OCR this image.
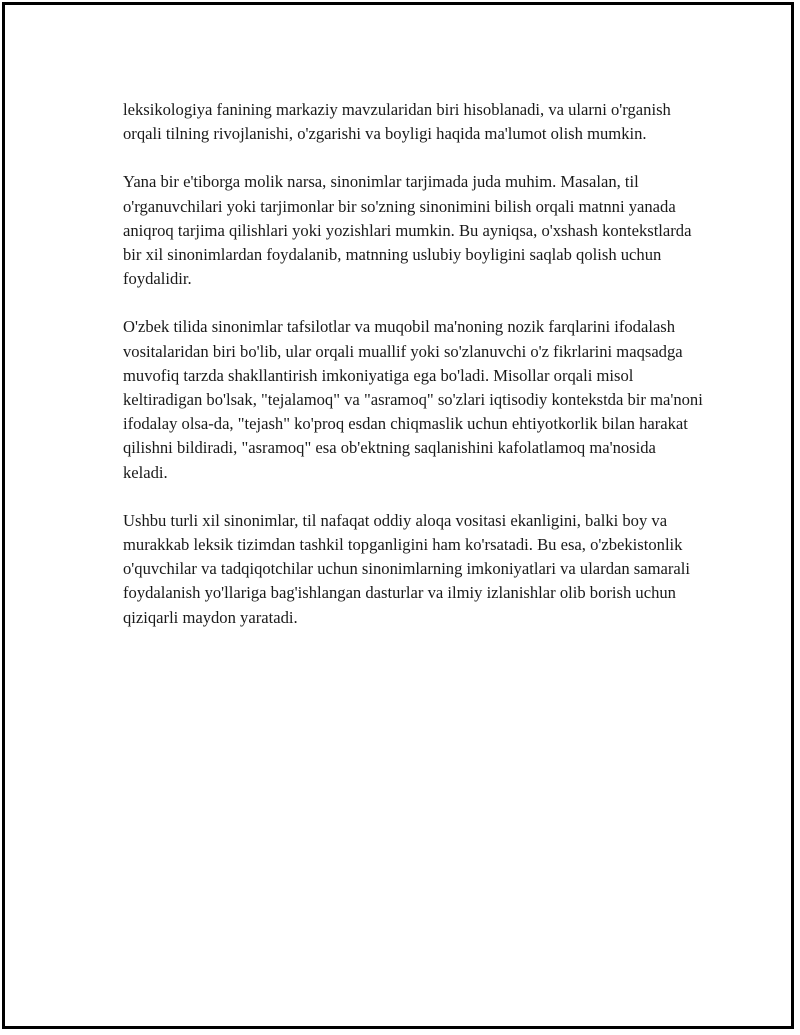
leksikologiya fanining markaziy mavzularidan biri hisoblanadi, va ularni o'rganish orqali tilning rivojlanishi, o'zgarishi va boyligi haqida ma'lumot olish mumkin.

Yana bir e'tiborga molik narsa, sinonimlar tarjimada juda muhim. Masalan, til o'rganuvchilari yoki tarjimonlar bir so'zning sinonimini bilish orqali matnni yanada aniqroq tarjima qilishlari yoki yozishlari mumkin. Bu ayniqsa, o'xshash kontekstlarda bir xil sinonimlardan foydalanib, matnning uslubiy boyligini saqlab qolish uchun foydalidir.

O'zbek tilida sinonimlar tafsilotlar va muqobil ma'noning nozik farqlarini ifodalash vositalaridan biri bo'lib, ular orqali muallif yoki so'zlanuvchi o'z fikrlarini maqsadga muvofiq tarzda shakllantirish imkoniyatiga ega bo'ladi. Misollar orqali misol keltiradigan bo'lsak, "tejalamoq" va "asramoq" so'zlari iqtisodiy kontekstda bir ma'noni ifodalay olsa-da, "tejash" ko'proq esdan chiqmaslik uchun ehtiyotkorlik bilan harakat qilishni bildiradi, "asramoq" esa ob'ektning saqlanishini kafolatlamoq ma'nosida keladi.

Ushbu turli xil sinonimlar, til nafaqat oddiy aloqa vositasi ekanligini, balki boy va murakkab leksik tizimdan tashkil topganligini ham ko'rsatadi. Bu esa, o'zbekistonlik o'quvchilar va tadqiqotchilar uchun sinonimlarning imkoniyatlari va ulardan samarali foydalanish yo'llariga bag'ishlangan dasturlar va ilmiy izlanishlar olib borish uchun qiziqarli maydon yaratadi.
